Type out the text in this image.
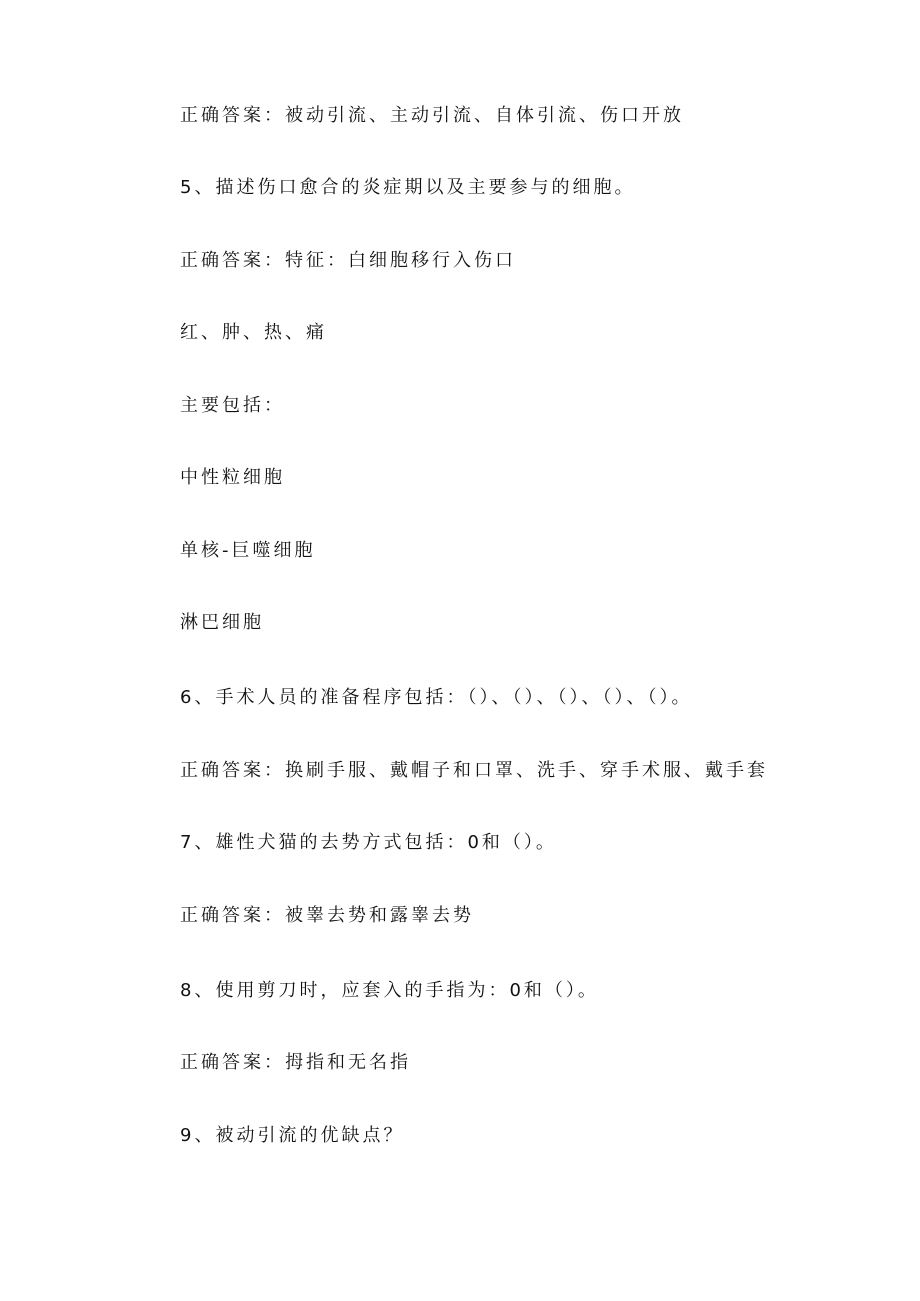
正确答案：被动引流、主动引流、自体引流、伤口开放
5、描述伤口愈合的炎症期以及主要参与的细胞。
正确答案：特征：白细胞移行入伤口
红、肿、热、痛
主要包括：
中性粒细胞
单核-巨噬细胞
淋巴细胞
6、手术人员的准备程序包括：（）、（）、（）、（）、（）。
正确答案：换刷手服、戴帽子和口罩、洗手、穿手术服、戴手套
7、雄性犬猫的去势方式包括：0和（）。
正确答案：被睾去势和露睾去势
8、使用剪刀时，应套入的手指为：0和（）。
正确答案：拇指和无名指
9、被动引流的优缺点？
